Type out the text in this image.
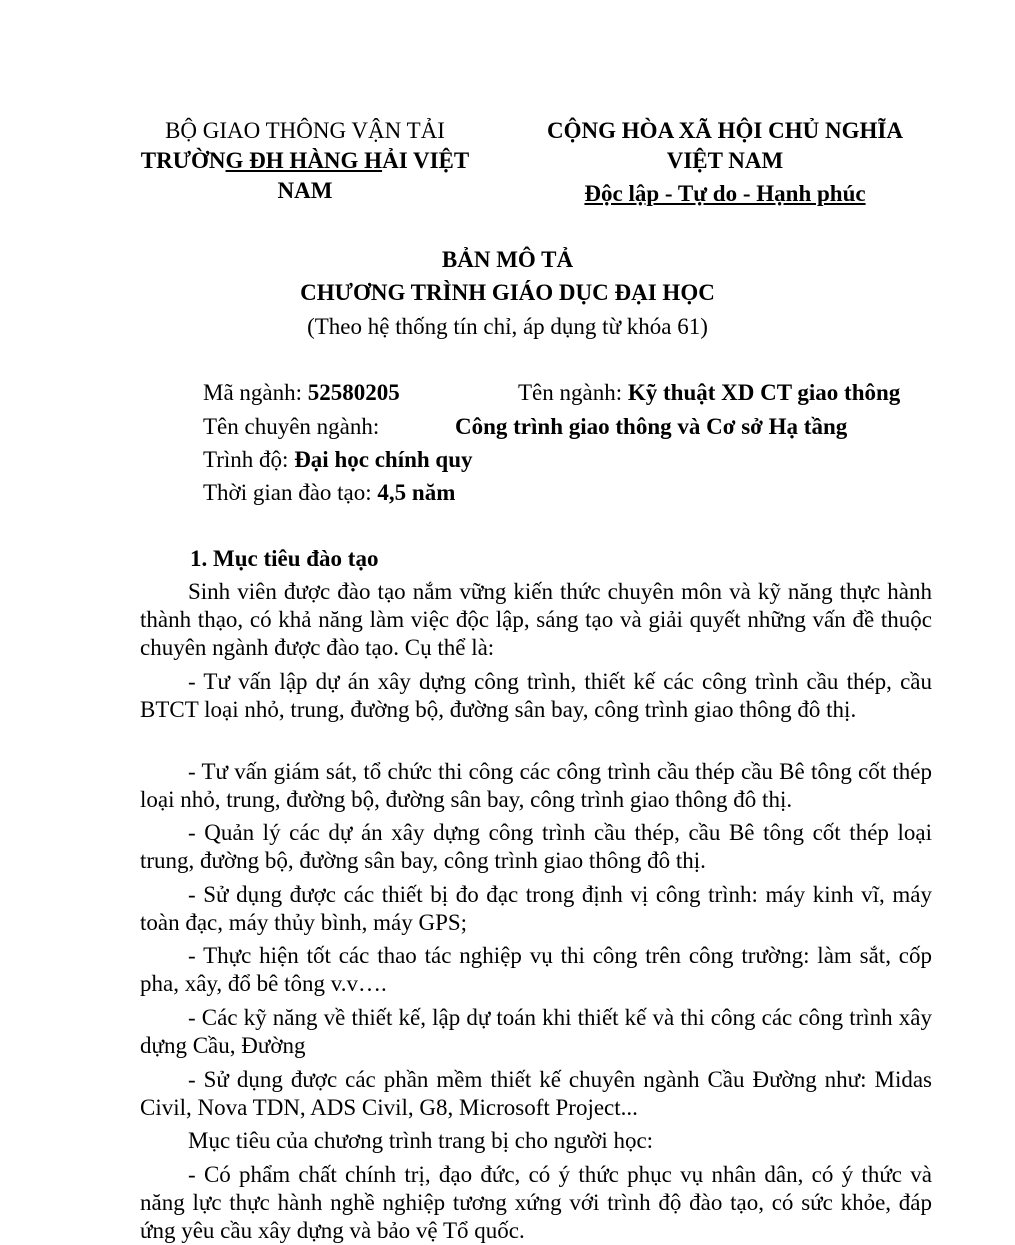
BỘ GIAO THÔNG VẬN TẢI
TRƯỜNG ĐH HÀNG HẢI VIỆT
NAM
CỘNG HÒA XÃ HỘI CHỦ NGHĨA
VIỆT NAM
Độc lập - Tự do - Hạnh phúc
BẢN MÔ TẢ
CHƯƠNG TRÌNH GIÁO DỤC ĐẠI HỌC
(Theo hệ thống tín chỉ, áp dụng từ khóa 61)
Mã ngành: 52580205	Tên ngành: Kỹ thuật XD CT giao thông
Tên chuyên ngành:	Công trình giao thông và Cơ sở Hạ tầng
Trình độ: Đại học chính quy
Thời gian đào tạo: 4,5 năm
1. Mục tiêu đào tạo
Sinh viên được đào tạo nắm vững kiến thức chuyên môn và kỹ năng thực hành thành thạo, có khả năng làm việc độc lập, sáng tạo và giải quyết những vấn đề thuộc chuyên ngành được đào tạo. Cụ thể là:
- Tư vấn lập dự án xây dựng công trình, thiết kế các công trình cầu thép, cầu BTCT loại nhỏ, trung, đường bộ, đường sân bay, công trình giao thông đô thị.
- Tư vấn giám sát, tổ chức thi công các công trình cầu thép cầu Bê tông cốt thép loại nhỏ, trung, đường bộ, đường sân bay, công trình giao thông đô thị.
- Quản lý các dự án xây dựng công trình cầu thép, cầu Bê tông cốt thép loại trung, đường bộ, đường sân bay, công trình giao thông đô thị.
- Sử dụng được các thiết bị đo đạc trong định vị công trình: máy kinh vĩ, máy toàn đạc, máy thủy bình, máy GPS;
- Thực hiện tốt các thao tác nghiệp vụ thi công trên công trường: làm sắt, cốp pha, xây, đổ bê tông v.v….
- Các kỹ năng về thiết kế, lập dự toán khi thiết kế và thi công các công trình xây dựng Cầu, Đường
- Sử dụng được các phần mềm thiết kế chuyên ngành Cầu Đường như: Midas Civil, Nova TDN, ADS Civil, G8, Microsoft Project...
Mục tiêu của chương trình trang bị cho người học:
- Có phẩm chất chính trị, đạo đức, có ý thức phục vụ nhân dân, có ý thức và năng lực thực hành nghề nghiệp tương xứng với trình độ đào tạo, có sức khỏe, đáp ứng yêu cầu xây dựng và bảo vệ Tổ quốc.
